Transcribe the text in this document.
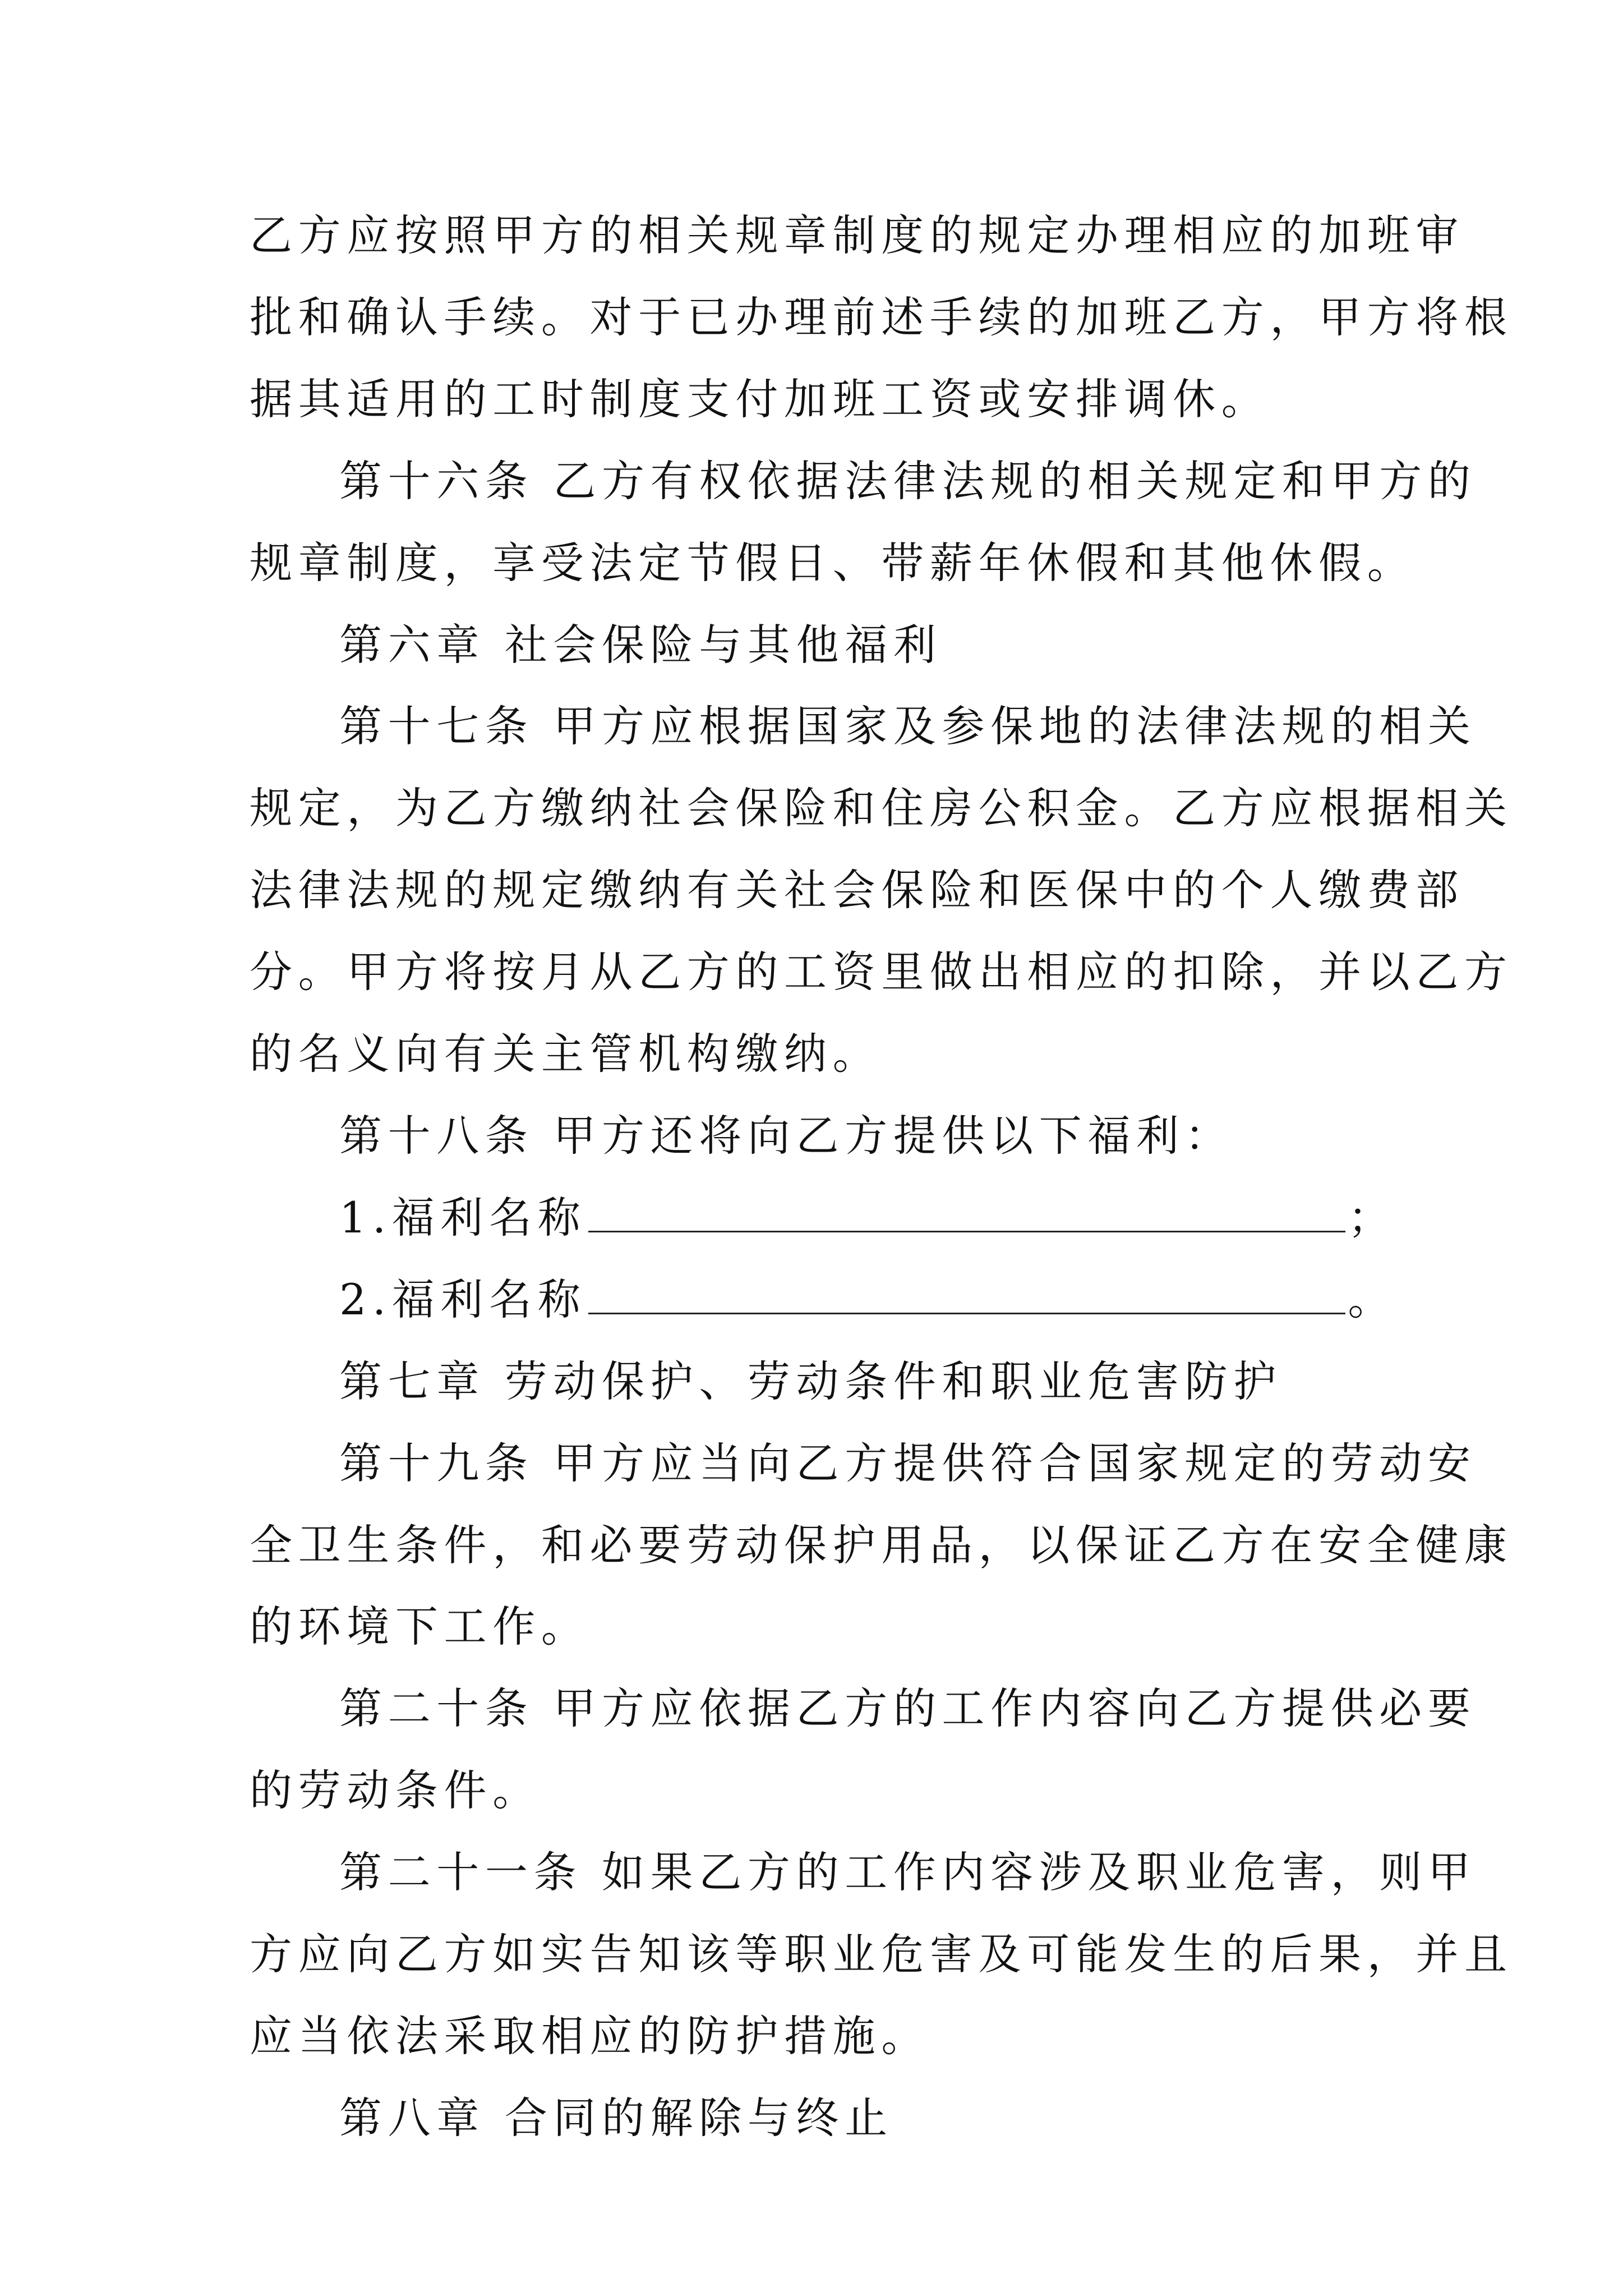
乙方应按照甲方的相关规章制度的规定办理相应的加班审
批和确认手续。对于已办理前述手续的加班乙方，甲方将根
据其适用的工时制度支付加班工资或安排调休。
第十六条 乙方有权依据法律法规的相关规定和甲方的
规章制度，享受法定节假日、带薪年休假和其他休假。
第六章 社会保险与其他福利
第十七条 甲方应根据国家及参保地的法律法规的相关
规定，为乙方缴纳社会保险和住房公积金。乙方应根据相关
法律法规的规定缴纳有关社会保险和医保中的个人缴费部
分。甲方将按月从乙方的工资里做出相应的扣除，并以乙方
的名义向有关主管机构缴纳。
第十八条 甲方还将向乙方提供以下福利：
1.福利名称	；
2.福利名称	。
第七章 劳动保护、劳动条件和职业危害防护
第十九条 甲方应当向乙方提供符合国家规定的劳动安
全卫生条件，和必要劳动保护用品，以保证乙方在安全健康
的环境下工作。
第二十条 甲方应依据乙方的工作内容向乙方提供必要
的劳动条件。
第二十一条 如果乙方的工作内容涉及职业危害，则甲
方应向乙方如实告知该等职业危害及可能发生的后果，并且
应当依法采取相应的防护措施。
第八章 合同的解除与终止
